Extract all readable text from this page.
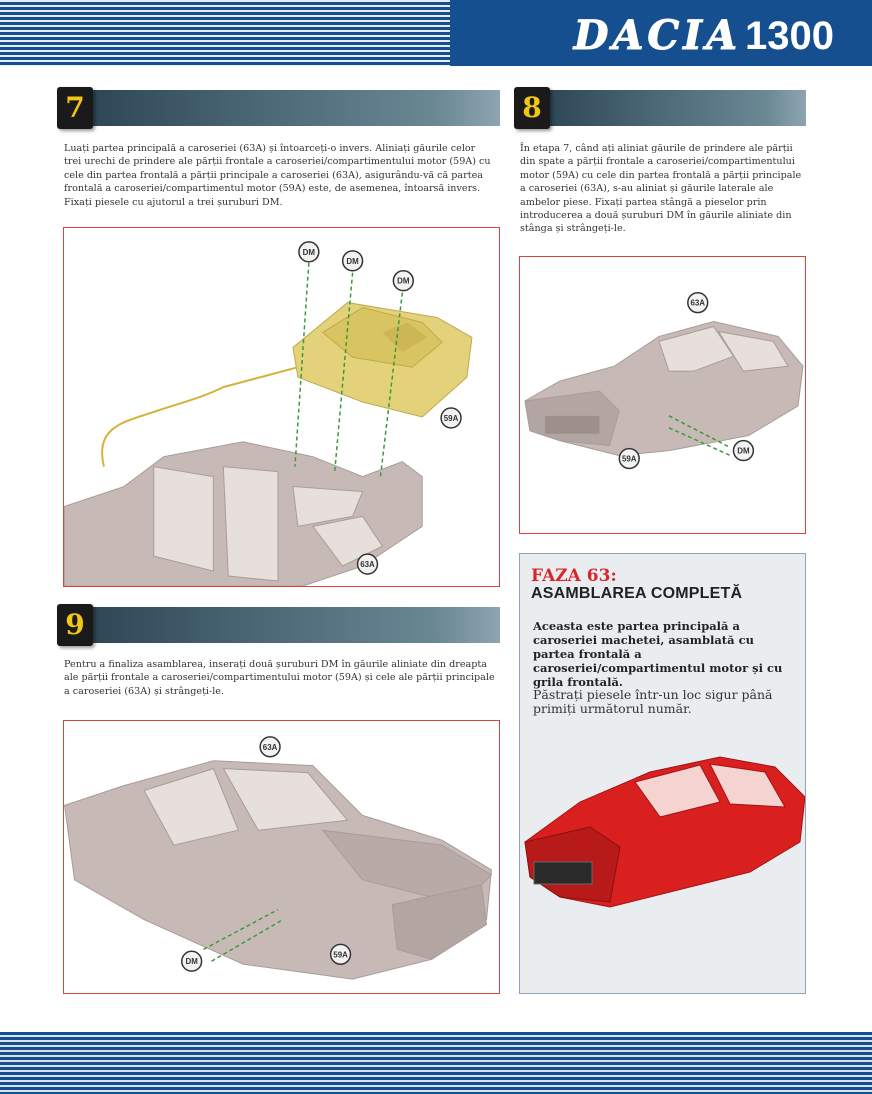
DACIA 1300
7
Luați partea principală a caroseriei (63A) și întoarceți-o invers. Aliniați găurile celor trei urechi de prindere ale părții frontale a caroseriei/compartimentului motor (59A) cu cele din partea frontală a părții principale a caroseriei (63A), asigurându-vă că partea frontală a caroseriei/compartimentul motor (59A) este, de asemenea, întoarsă invers. Fixați piesele cu ajutorul a trei șuruburi DM.
DM
DM
DM
59A
63A
8
În etapa 7, când ați aliniat găurile de prindere ale părții din spate a părții frontale a caroseriei/compartimentului motor (59A) cu cele din partea frontală a părții principale a caroseriei (63A), s-au aliniat și găurile laterale ale ambelor piese. Fixați partea stângă a pieselor prin introducerea a două șuruburi DM în găurile aliniate din stânga și strângeți-le.
63A
DM
59A
9
Pentru a finaliza asamblarea, inserați două șuruburi DM în găurile aliniate din dreapta ale părții frontale a caroseriei/compartimentului motor (59A) și cele ale părții principale a caroseriei (63A) și strângeți-le.
63A
DM
59A
FAZA 63:
ASAMBLAREA COMPLETĂ
Aceasta este partea principală a caroseriei machetei, asamblată cu partea frontală a caroseriei/compartimentul motor și cu grila frontală.
Păstrați piesele într-un loc sigur până primiți următorul număr.
